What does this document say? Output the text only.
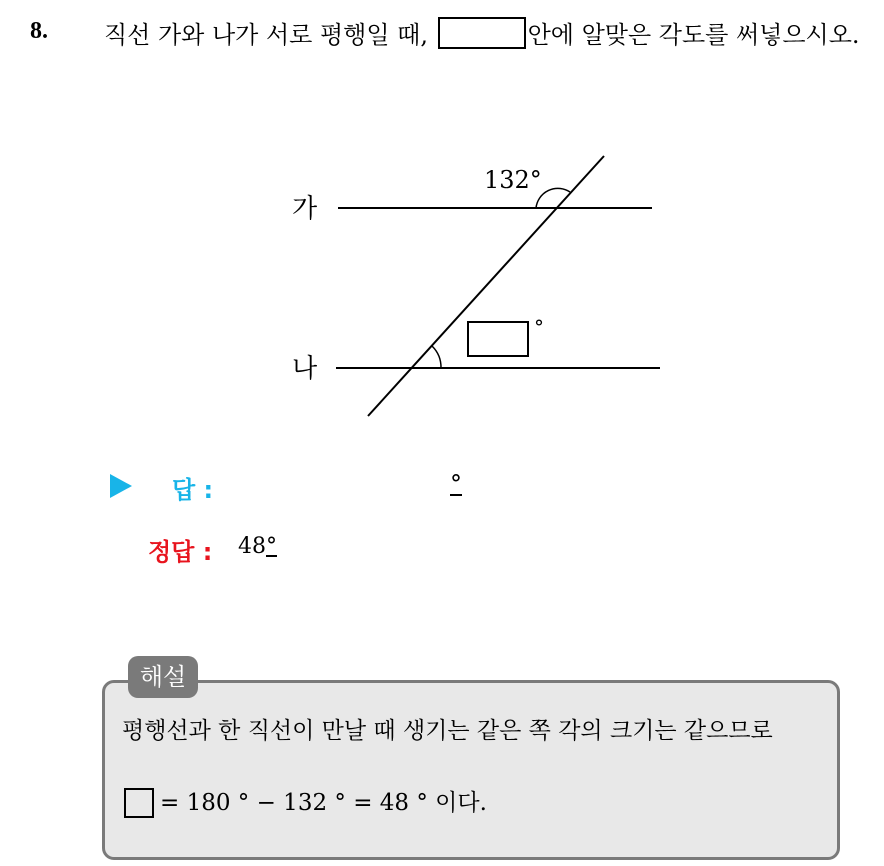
8. 직선 가와 나가 서로 평행일 때,	안에 알맞은 각도를 써넣으시오.
가
나
132°
°
답 :	°
정답 : 48°
해설
평행선과 한 직선이 만날 때 생기는 같은 쪽 각의 크기는 같으므로
= 180 ° − 132 ° = 48 ° 이다.
